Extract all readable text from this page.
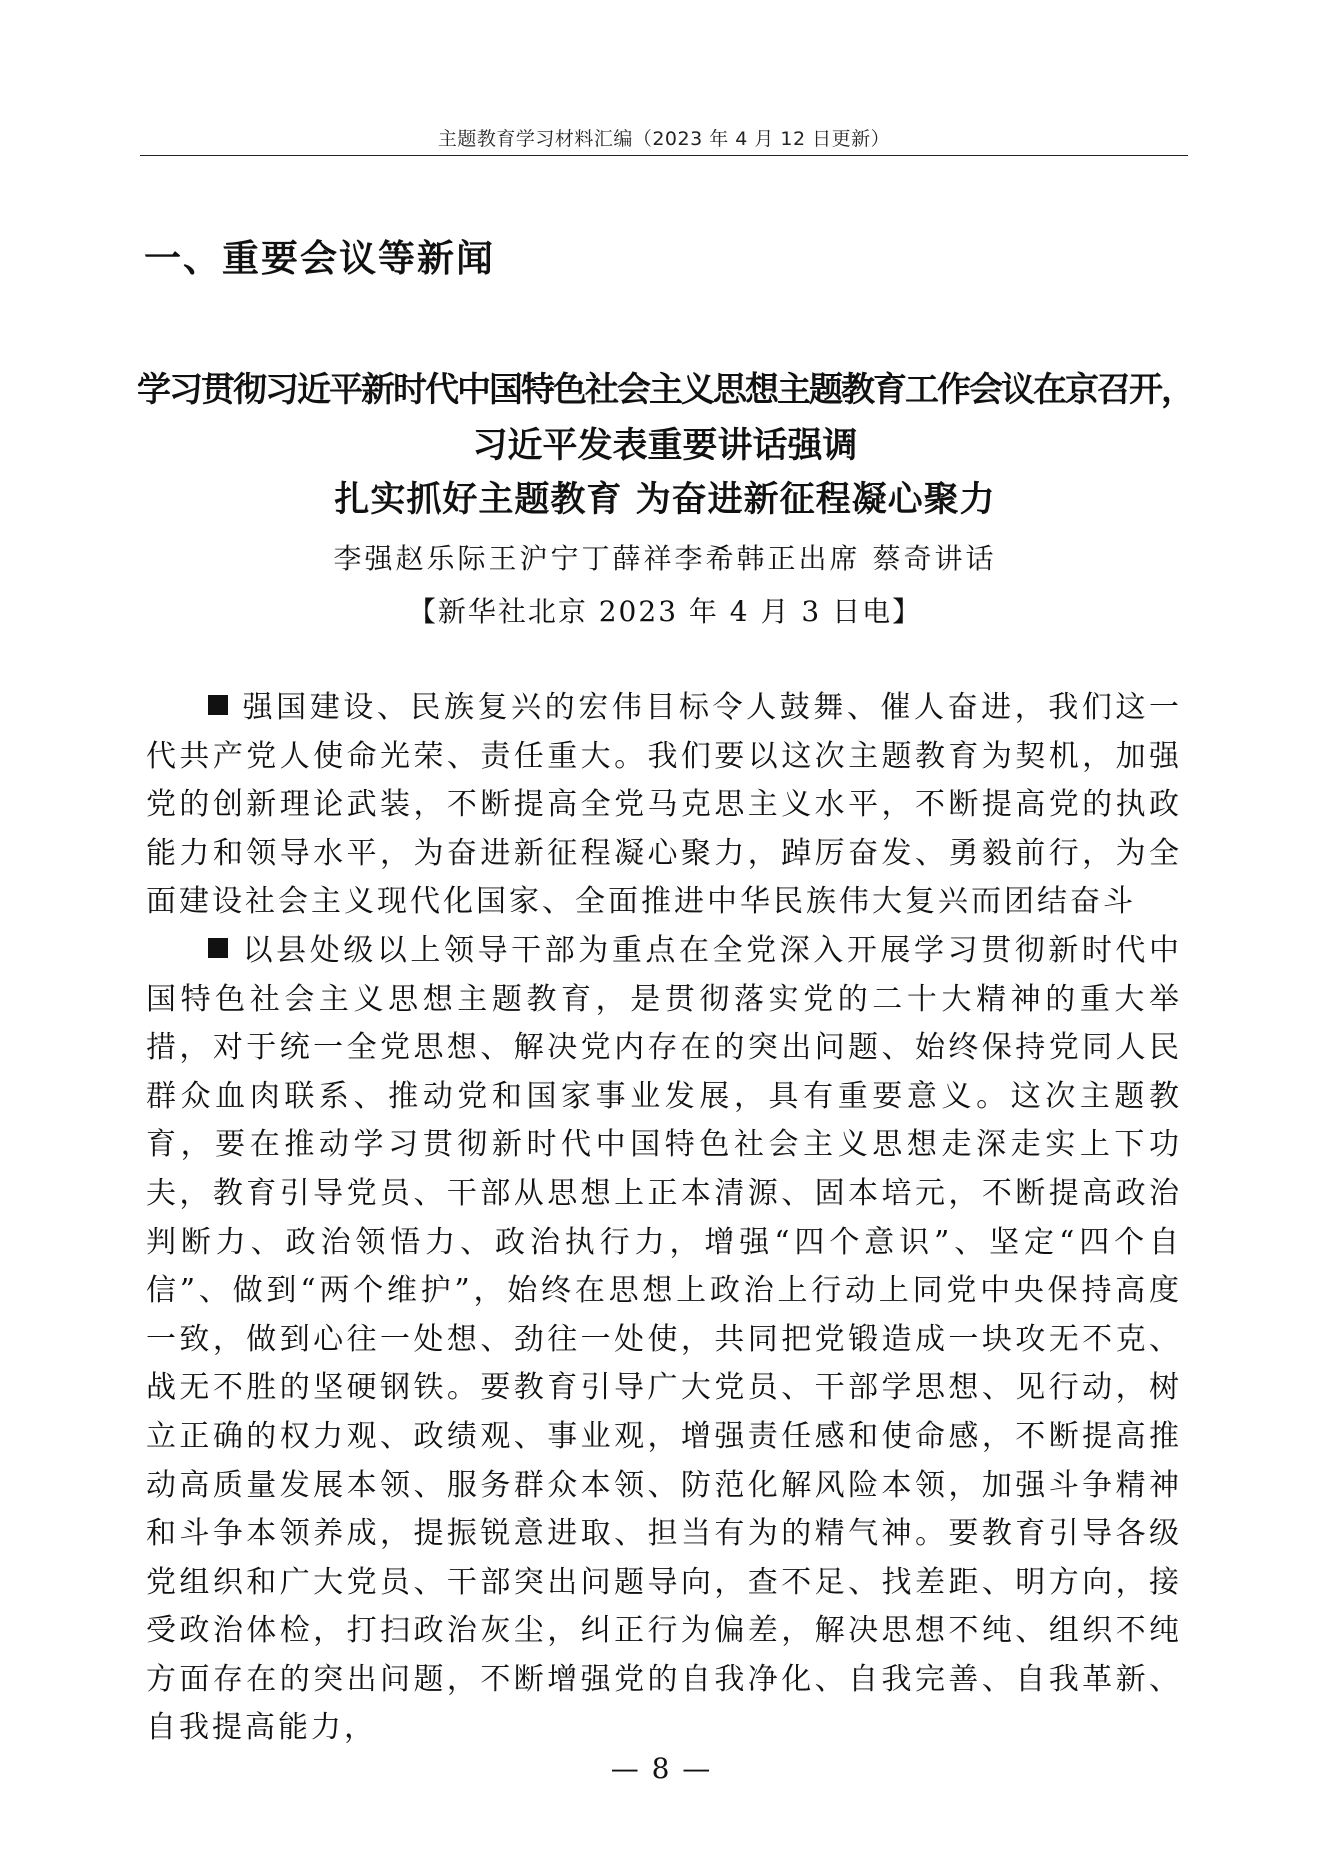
主题教育学习材料汇编（2023 年 4 月 12 日更新）
一、重要会议等新闻
学习贯彻习近平新时代中国特色社会主义思想主题教育工作会议在京召开，
习近平发表重要讲话强调
扎实抓好主题教育 为奋进新征程凝心聚力
李强赵乐际王沪宁丁薛祥李希韩正出席 蔡奇讲话
【新华社北京 2023 年 4 月 3 日电】

强国建设、民族复兴的宏伟目标令人鼓舞、催人奋进，我们这一代共产党人使命光荣、责任重大。我们要以这次主题教育为契机，加强党的创新理论武装，不断提高全党马克思主义水平，不断提高党的执政能力和领导水平，为奋进新征程凝心聚力，踔厉奋发、勇毅前行，为全面建设社会主义现代化国家、全面推进中华民族伟大复兴而团结奋斗

以县处级以上领导干部为重点在全党深入开展学习贯彻新时代中国特色社会主义思想主题教育，是贯彻落实党的二十大精神的重大举措，对于统一全党思想、解决党内存在的突出问题、始终保持党同人民群众血肉联系、推动党和国家事业发展，具有重要意义。这次主题教育，要在推动学习贯彻新时代中国特色社会主义思想走深走实上下功夫，教育引导党员、干部从思想上正本清源、固本培元，不断提高政治判断力、政治领悟力、政治执行力，增强“四个意识”、坚定“四个自信”、做到“两个维护”，始终在思想上政治上行动上同党中央保持高度一致，做到心往一处想、劲往一处使，共同把党锻造成一块攻无不克、战无不胜的坚硬钢铁。要教育引导广大党员、干部学思想、见行动，树立正确的权力观、政绩观、事业观，增强责任感和使命感，不断提高推动高质量发展本领、服务群众本领、防范化解风险本领，加强斗争精神和斗争本领养成，提振锐意进取、担当有为的精气神。要教育引导各级党组织和广大党员、干部突出问题导向，查不足、找差距、明方向，接受政治体检，打扫政治灰尘，纠正行为偏差，解决思想不纯、组织不纯方面存在的突出问题，不断增强党的自我净化、自我完善、自我革新、自我提高能力，

— 8 —
